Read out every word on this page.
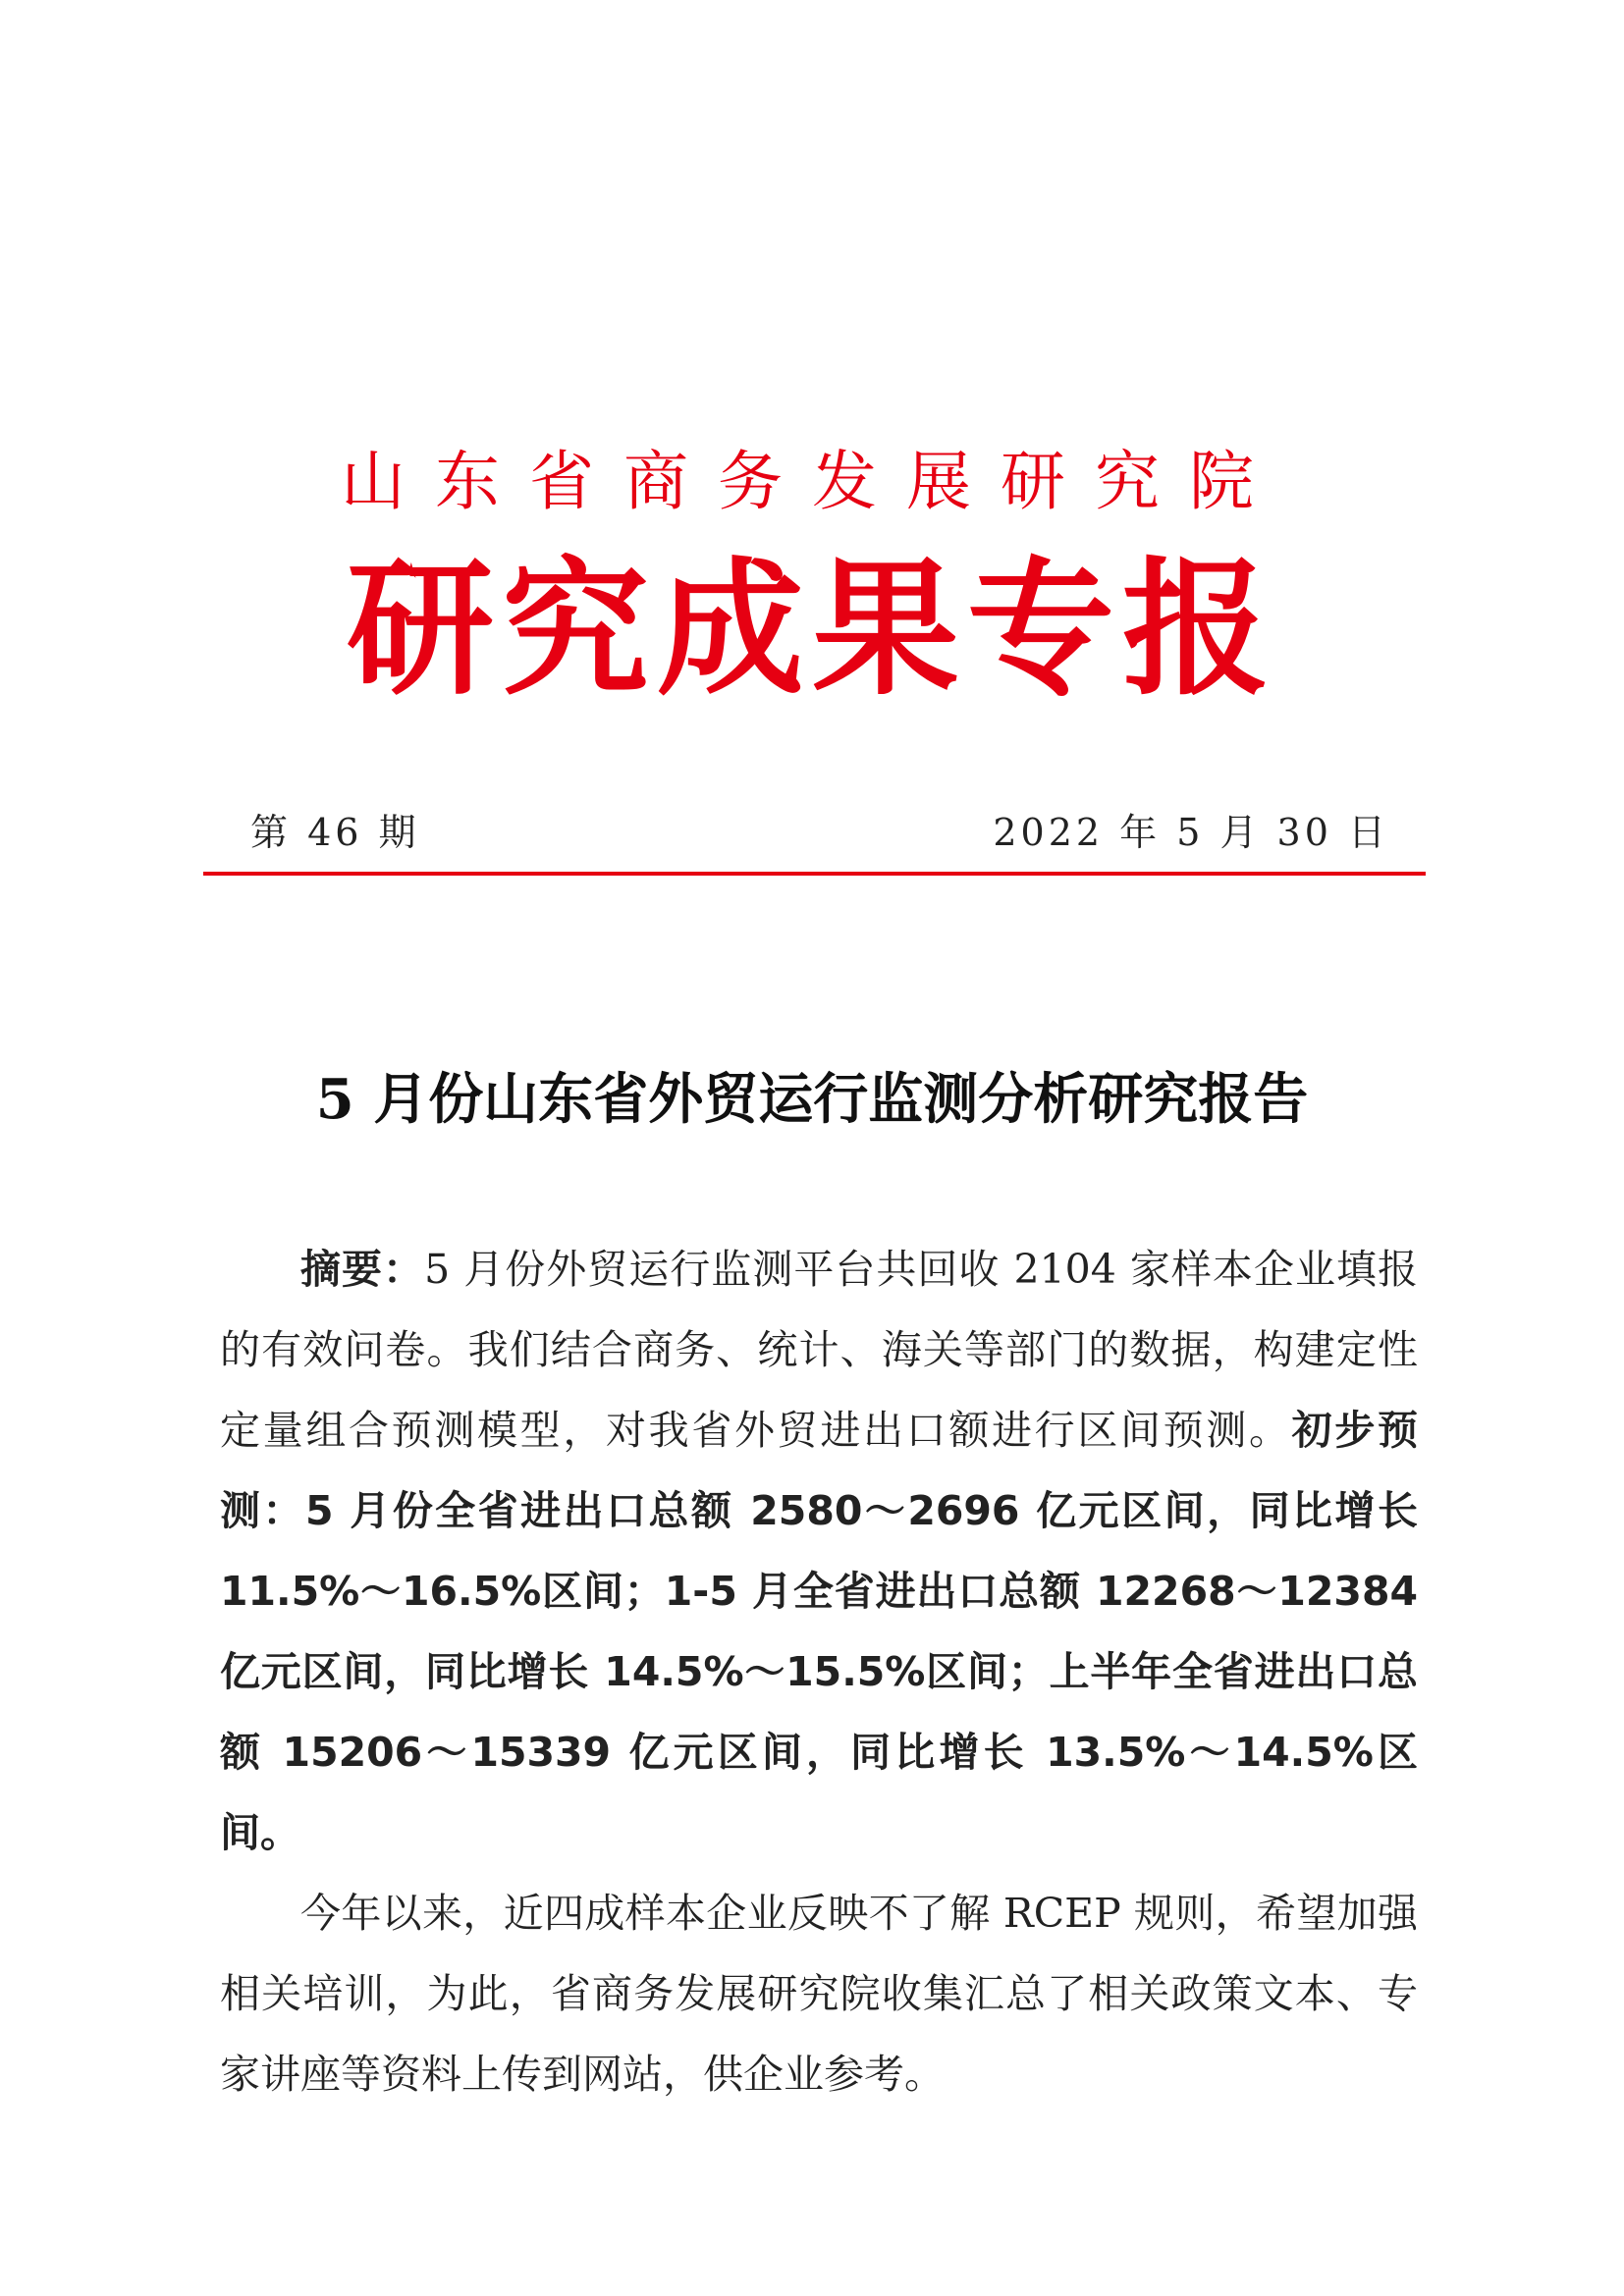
山东省商务发展研究院
研究成果专报
第 46 期	2022 年 5 月 30 日
5 月份山东省外贸运行监测分析研究报告

摘要：5 月份外贸运行监测平台共回收 2104 家样本企业填报的有效问卷。我们结合商务、统计、海关等部门的数据，构建定性定量组合预测模型，对我省外贸进出口额进行区间预测。初步预测：5 月份全省进出口总额 2580～2696 亿元区间，同比增长 11.5%～16.5%区间；1-5 月全省进出口总额 12268～12384 亿元区间，同比增长 14.5%～15.5%区间；上半年全省进出口总额 15206～15339 亿元区间，同比增长 13.5%～14.5%区间。

今年以来，近四成样本企业反映不了解 RCEP 规则，希望加强相关培训，为此，省商务发展研究院收集汇总了相关政策文本、专家讲座等资料上传到网站，供企业参考。
